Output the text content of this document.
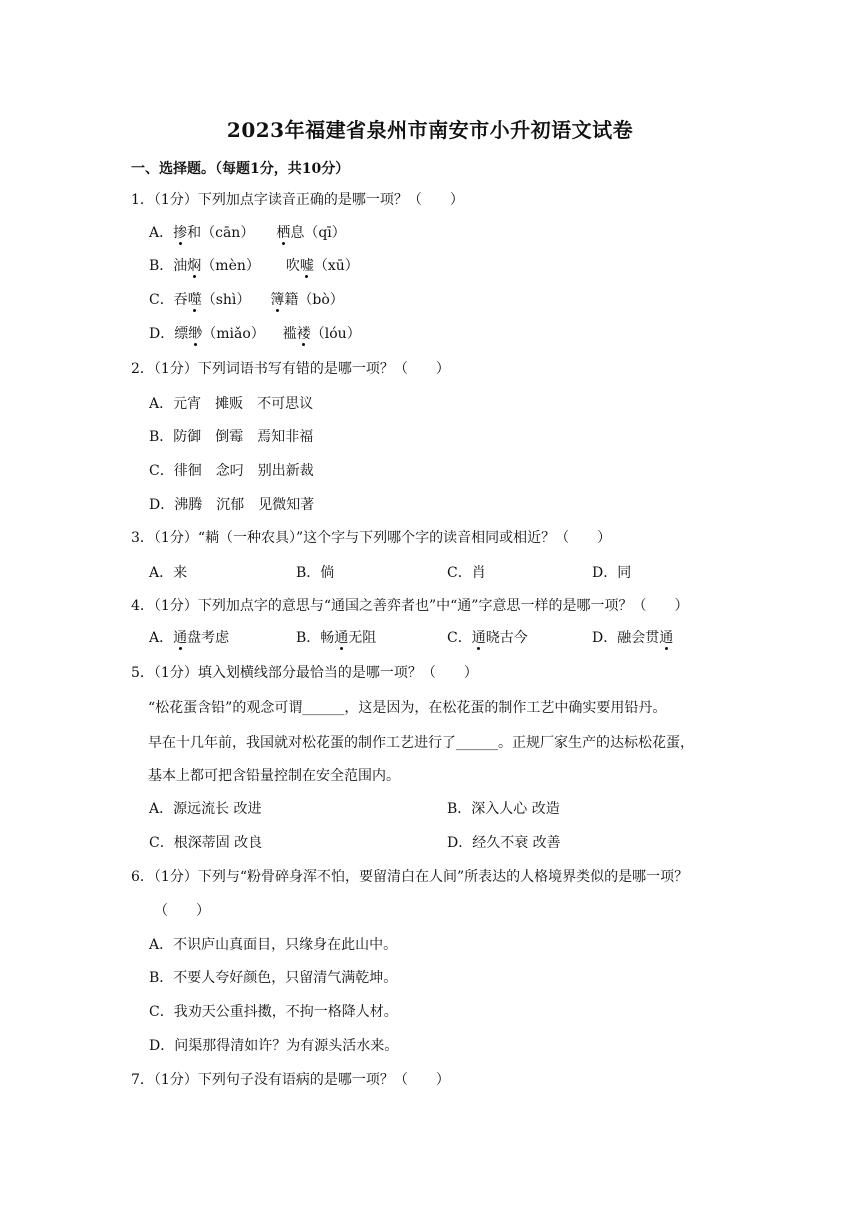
2023年福建省泉州市南安市小升初语文试卷
一、选择题。（每题1分，共10分）
1．（1分）下列加点字读音正确的是哪一项？（　　）
A．掺和（cān） 栖息（qī）
B．油焖（mèn） 吹嘘（xū）
C．吞噬（shì） 簿籍（bò）
D．缥缈（miǎo） 褴褛（lóu）
2．（1分）下列词语书写有错的是哪一项？（　　）
A．元宵　摊贩　不可思议
B．防御　倒霉　焉知非福
C．徘徊　念叼　别出新裁
D．沸腾　沉郁　见微知著
3．（1分）“耥（一种农具）”这个字与下列哪个字的读音相同或相近？（　　）
A．来	B．倘	C．肖	D．同
4．（1分）下列加点字的意思与“通国之善弈者也”中“通”字意思一样的是哪一项？（　　）
A．通盘考虑	B．畅通无阻	C．通晓古今	D．融会贯通
5．（1分）填入划横线部分最恰当的是哪一项？（　　）
“松花蛋含铅”的观念可谓______，这是因为，在松花蛋的制作工艺中确实要用铅丹。
早在十几年前，我国就对松花蛋的制作工艺进行了______。正规厂家生产的达标松花蛋，
基本上都可把含铅量控制在安全范围内。
A．源远流长 改进	B．深入人心 改造
C．根深蒂固 改良	D．经久不衰 改善
6．（1分）下列与“粉骨碎身浑不怕，要留清白在人间”所表达的人格境界类似的是哪一项？
（　　）
A．不识庐山真面目，只缘身在此山中。
B．不要人夸好颜色，只留清气满乾坤。
C．我劝天公重抖擞，不拘一格降人材。
D．问渠那得清如许？为有源头活水来。
7．（1分）下列句子没有语病的是哪一项？（　　）
